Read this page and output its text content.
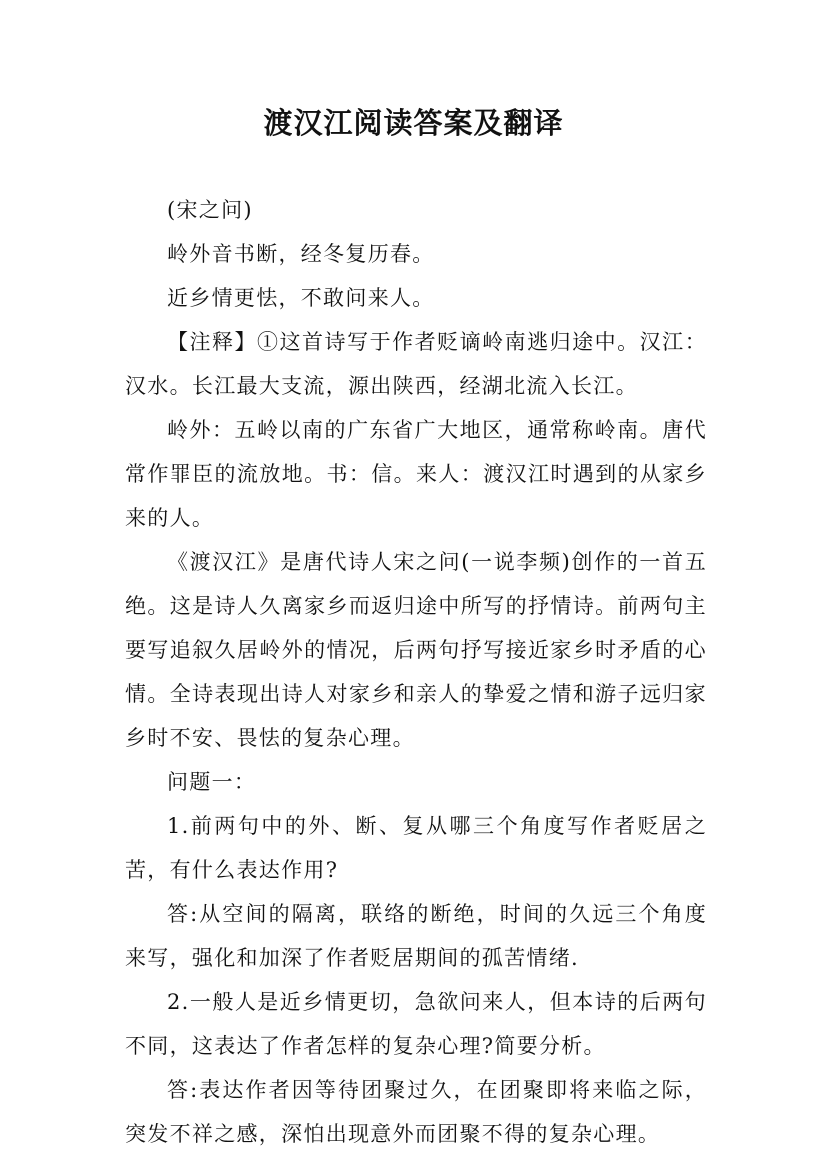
渡汉江阅读答案及翻译

(宋之问)

岭外音书断，经冬复历春。

近乡情更怯，不敢问来人。

【注释】①这首诗写于作者贬谪岭南逃归途中。汉江：汉水。长江最大支流，源出陕西，经湖北流入长江。

岭外：五岭以南的广东省广大地区，通常称岭南。唐代常作罪臣的流放地。书：信。来人：渡汉江时遇到的从家乡来的人。

《渡汉江》是唐代诗人宋之问(一说李频)创作的一首五绝。这是诗人久离家乡而返归途中所写的抒情诗。前两句主要写追叙久居岭外的情况，后两句抒写接近家乡时矛盾的心情。全诗表现出诗人对家乡和亲人的挚爱之情和游子远归家乡时不安、畏怯的复杂心理。

问题一：

1.前两句中的外、断、复从哪三个角度写作者贬居之苦，有什么表达作用?

答:从空间的隔离，联络的断绝，时间的久远三个角度来写，强化和加深了作者贬居期间的孤苦情绪.

2.一般人是近乡情更切，急欲问来人，但本诗的后两句不同，这表达了作者怎样的复杂心理?简要分析。

答:表达作者因等待团聚过久，在团聚即将来临之际，突发不祥之感，深怕出现意外而团聚不得的复杂心理。
